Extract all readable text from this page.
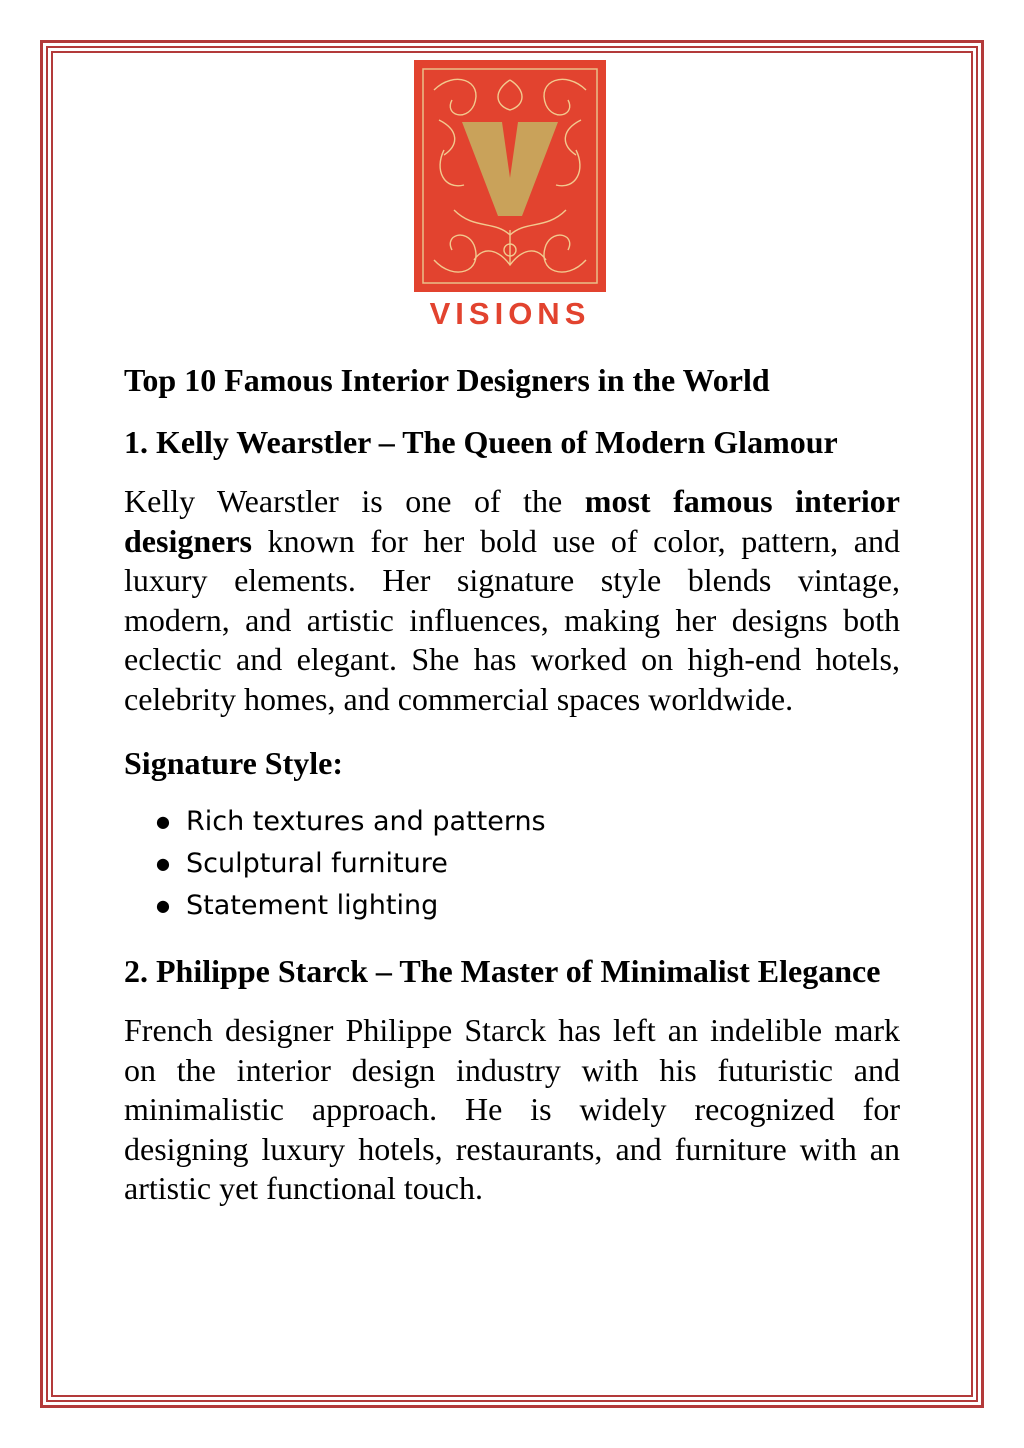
VISIONS
Top 10 Famous Interior Designers in the World
1. Kelly Wearstler – The Queen of Modern Glamour
Kelly Wearstler is one of the most famous interior designers known for her bold use of color, pattern, and luxury elements. Her signature style blends vintage, modern, and artistic influences, making her designs both eclectic and elegant. She has worked on high-end hotels, celebrity homes, and commercial spaces worldwide.
Signature Style:
● Rich textures and patterns
● Sculptural furniture
● Statement lighting
2. Philippe Starck – The Master of Minimalist Elegance
French designer Philippe Starck has left an indelible mark on the interior design industry with his futuristic and minimalistic approach. He is widely recognized for designing luxury hotels, restaurants, and furniture with an artistic yet functional touch.
